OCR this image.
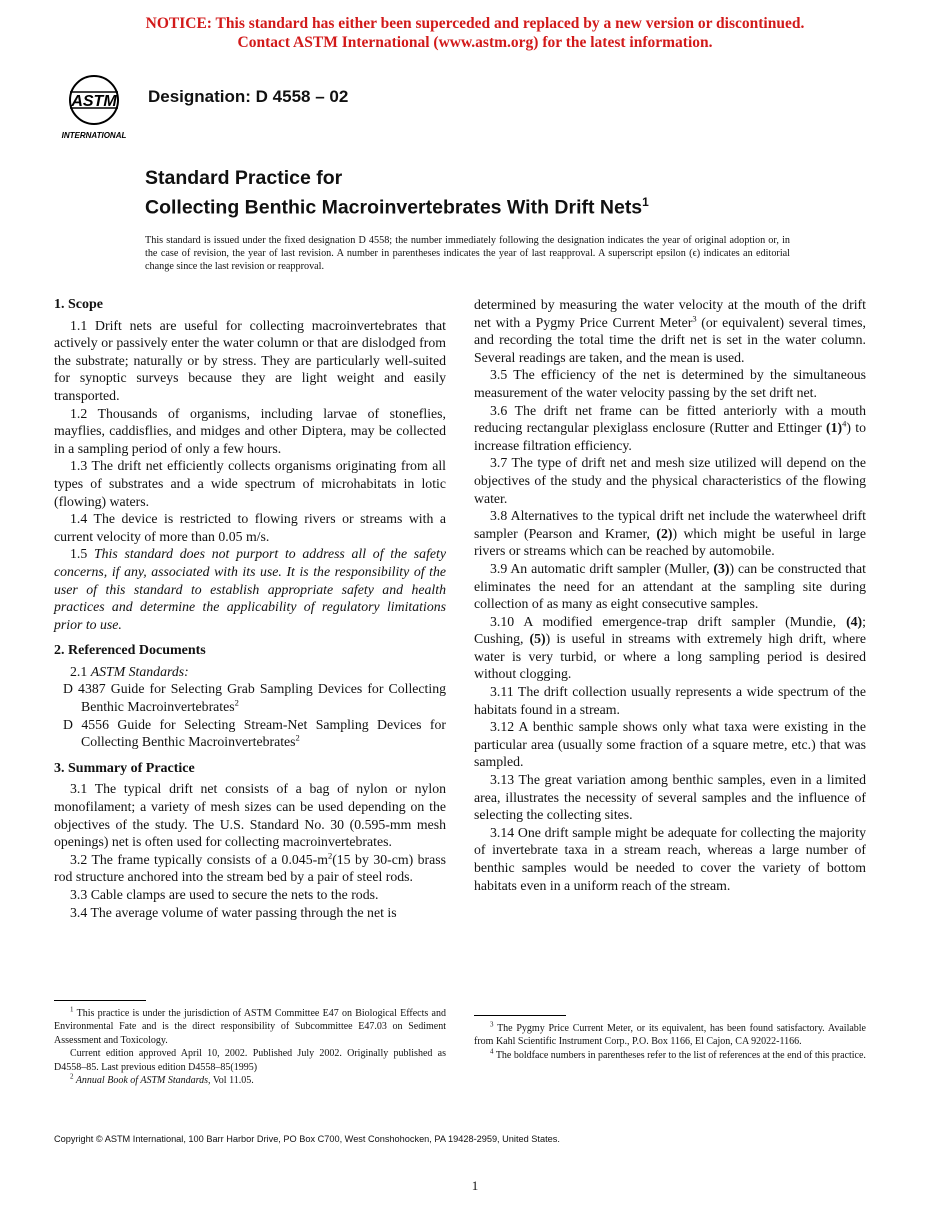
NOTICE: This standard has either been superceded and replaced by a new version or discontinued.
Contact ASTM International (www.astm.org) for the latest information.
ASTM
INTERNATIONAL
Designation: D 4558 – 02
Standard Practice for
Collecting Benthic Macroinvertebrates With Drift Nets$^1$
This standard is issued under the fixed designation D 4558; the number immediately following the designation indicates the year of original adoption or, in the case of revision, the year of last revision. A number in parentheses indicates the year of last reapproval. A superscript epsilon (ϵ) indicates an editorial change since the last revision or reapproval.
1. Scope

1.1 Drift nets are useful for collecting macroinvertebrates that actively or passively enter the water column or that are dislodged from the substrate; naturally or by stress. They are particularly well-suited for synoptic surveys because they are light weight and easily transported.

1.2 Thousands of organisms, including larvae of stoneflies, mayflies, caddisflies, and midges and other Diptera, may be collected in a sampling period of only a few hours.

1.3 The drift net efficiently collects organisms originating from all types of substrates and a wide spectrum of microhabitats in lotic (flowing) waters.

1.4 The device is restricted to flowing rivers or streams with a current velocity of more than 0.05 m/s.

1.5 This standard does not purport to address all of the safety concerns, if any, associated with its use. It is the responsibility of the user of this standard to establish appropriate safety and health practices and determine the applicability of regulatory limitations prior to use.

2. Referenced Documents

2.1 ASTM Standards:

D 4387 Guide for Selecting Grab Sampling Devices for Collecting Benthic Macroinvertebrates$^2$

D 4556 Guide for Selecting Stream-Net Sampling Devices for Collecting Benthic Macroinvertebrates$^2$

3. Summary of Practice

3.1 The typical drift net consists of a bag of nylon or nylon monofilament; a variety of mesh sizes can be used depending on the objectives of the study. The U.S. Standard No. 30 (0.595-mm mesh openings) net is often used for collecting macroinvertebrates.

3.2 The frame typically consists of a $0.045-m^2(15$ by 30-cm) brass rod structure anchored into the stream bed by a pair of steel rods.

3.3 Cable clamps are used to secure the nets to the rods.

3.4 The average volume of water passing through the net is

determined by measuring the water velocity at the mouth of the drift net with a Pygmy Price Current Meter$^3$ (or equivalent) several times, and recording the total time the drift net is set in the water column. Several readings are taken, and the mean is used.

3.5 The efficiency of the net is determined by the simultaneous measurement of the water velocity passing by the set drift net.

3.6 The drift net frame can be fitted anteriorly with a mouth reducing rectangular plexiglass enclosure (Rutter and Ettinger $(1)^4$) to increase filtration efficiency.

3.7 The type of drift net and mesh size utilized will depend on the objectives of the study and the physical characteristics of the flowing water.

3.8 Alternatives to the typical drift net include the waterwheel drift sampler (Pearson and Kramer, (2)) which might be useful in large rivers or streams which can be reached by automobile.

3.9 An automatic drift sampler (Muller, (3)) can be constructed that eliminates the need for an attendant at the sampling site during collection of as many as eight consecutive samples.

3.10 A modified emergence-trap drift sampler (Mundie, (4); Cushing, (5)) is useful in streams with extremely high drift, where water is very turbid, or where a long sampling period is desired without clogging.

3.11 The drift collection usually represents a wide spectrum of the habitats found in a stream.

3.12 A benthic sample shows only what taxa were existing in the particular area (usually some fraction of a square metre, etc.) that was sampled.

3.13 The great variation among benthic samples, even in a limited area, illustrates the necessity of several samples and the influence of selecting the collecting sites.

3.14 One drift sample might be adequate for collecting the majority of invertebrate taxa in a stream reach, whereas a large number of benthic samples would be needed to cover the variety of bottom habitats even in a uniform reach of the stream.

$^1$ This practice is under the jurisdiction of ASTM Committee E47 on Biological Effects and Environmental Fate and is the direct responsibility of Subcommittee E47.03 on Sediment Assessment and Toxicology.

Current edition approved April 10, 2002. Published July 2002. Originally published as D4558–85. Last previous edition D4558–85(1995)

$^2$ Annual Book of ASTM Standards, Vol 11.05.

$^3$ The Pygmy Price Current Meter, or its equivalent, has been found satisfactory. Available from Kahl Scientific Instrument Corp., P.O. Box 1166, El Cajon, CA 92022-1166.

$^4$ The boldface numbers in parentheses refer to the list of references at the end of this practice.

Copyright © ASTM International, 100 Barr Harbor Drive, PO Box C700, West Conshohocken, PA 19428-2959, United States.
1
